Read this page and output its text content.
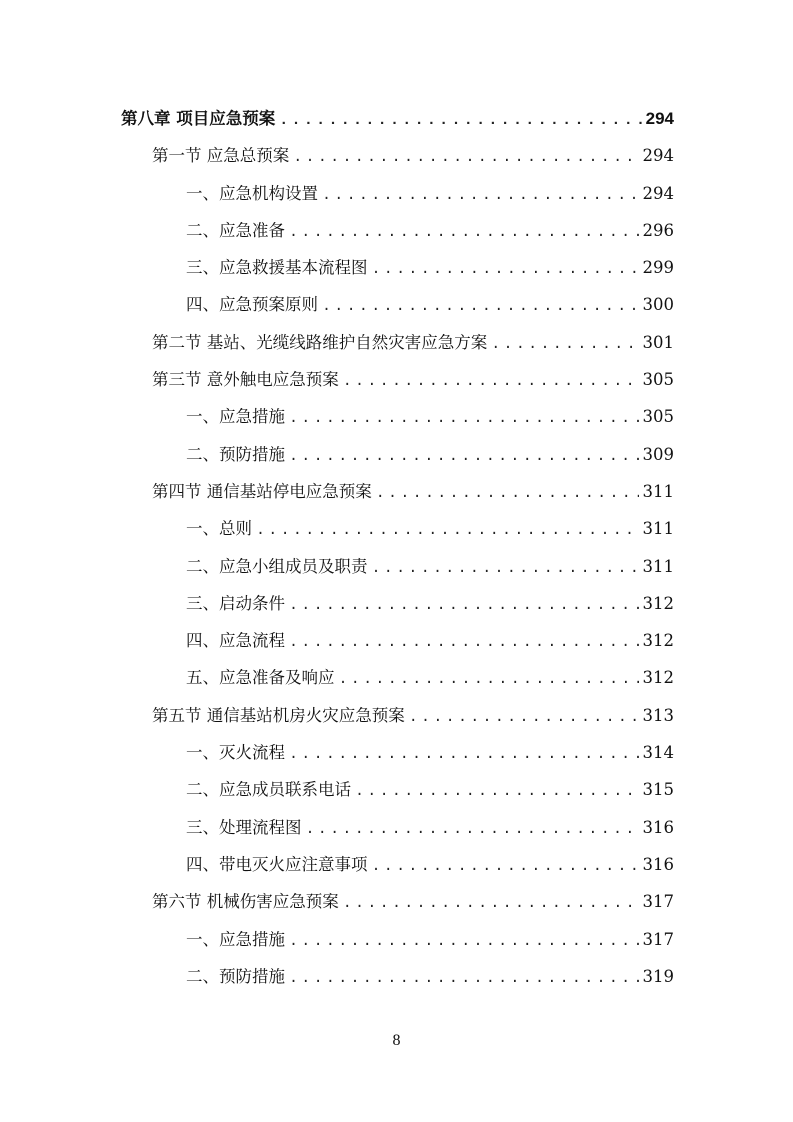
第八章 项目应急预案 .....	294
第一节 应急总预案 .....	294
一、应急机构设置 .....	294
二、应急准备 .....	296
三、应急救援基本流程图 .....	299
四、应急预案原则 .....	300
第二节 基站、光缆线路维护自然灾害应急方案 .....	301
第三节 意外触电应急预案 .....	305
一、应急措施 .....	305
二、预防措施 .....	309
第四节 通信基站停电应急预案 .....	311
一、总则 .....	311
二、应急小组成员及职责 .....	311
三、启动条件 .....	312
四、应急流程 .....	312
五、应急准备及响应 .....	312
第五节 通信基站机房火灾应急预案 .....	313
一、灭火流程 .....	314
二、应急成员联系电话 .....	315
三、处理流程图 .....	316
四、带电灭火应注意事项 .....	316
第六节 机械伤害应急预案 .....	317
一、应急措施 .....	317
二、预防措施 .....	319
8
